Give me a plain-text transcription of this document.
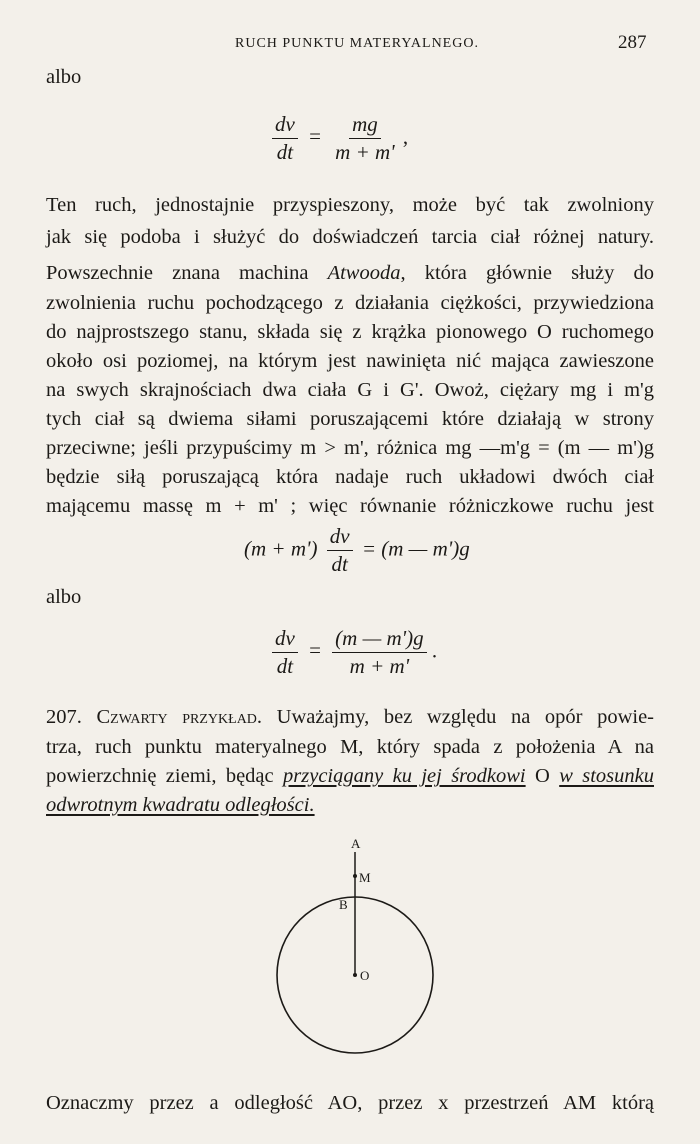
RUCH PUNKTU MATERYALNEGO.	287
albo
$\frac{dv}{dt} = \frac{mg}{m + m'}$ ,
Ten ruch, jednostajnie przyspieszony, może być tak zwolniony
jak się podoba i służyć do doświadczeń tarcia ciał różnej natury.
Powszechnie znana machina Atwooda, która głównie służy do
zwolnienia ruchu pochodzącego z działania ciężkości, przywiedziona
do najprostszego stanu, składa się z krążka pionowego O ruchomego
około osi poziomej, na którym jest nawinięta nić mająca zawieszone
na swych skrajnościach dwa ciała G i G'. Owoż, ciężary mg i m'g
tych ciał są dwiema siłami poruszającemi które działają w strony
przeciwne; jeśli przypuścimy m > m', różnica mg —m'g = (m — m')g
będzie siłą poruszającą która nadaje ruch układowi dwóch ciał
mającemu massę m + m' ; więc równanie różniczkowe ruchu jest
$(m + m') \frac{dv}{dt} = (m$ — m')g
albo
$\frac{dv}{dt} = \frac{(m — m')g}{m + m'}$ .
207. Czwarty przykład. Uważajmy, bez względu na opór powie-
trza, ruch punktu materyalnego M, który spada z położenia A na
powierzchnię ziemi, będąc przyciągany ku jej środkowi O w stosunku
odwrotnym kwadratu odległości.
A
M
B
O
Oznaczmy przez a odległość AO, przez x przestrzeń AM którą
